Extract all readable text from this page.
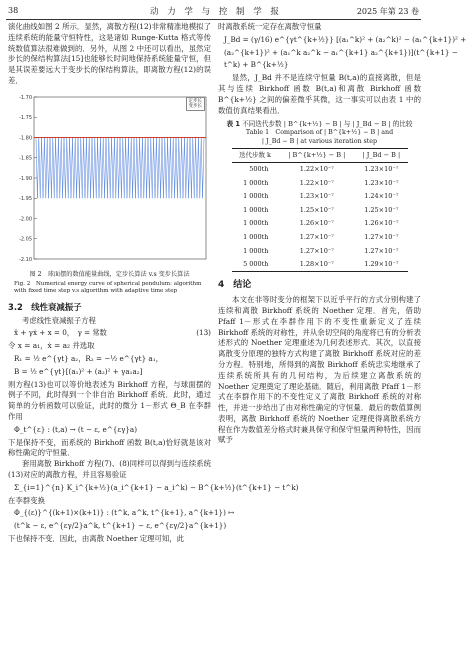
38	动 力 学 与 控 制 学 报	2025 年第 23 卷

演化曲线如图 2 所示．显然，离散方程(12)非常精准地模拟了连续系统的能量守恒特性，这是诸如 Runge-Kutta 格式等传统数值算法很难做到的．另外，从图 2 中还可以看出，虽然定步长的保结构算法[15]也能够长时间地保持系统能量守恒，但是其误差要远大于变步长的保结构算法，即离散方程(12)的误差．

-1.70
-1.75
-1.80
-1.85
-1.90
-1.95
-2.00
-2.05
-2.10
定步长
变步长

图 2　球面摆的数值能量曲线，定步长算法 v.s 变步长算法

Fig. 2　Numerical energy curve of spherical pendulum: algorithm with fixed time step v.s algorithm with adaptive time step

3.2　线性衰减振子

考虑线性衰减振子方程

ẍ + γẋ + x = 0，　γ = 常数	(13)

令 x = a₁，ẋ = a₂ 并选取

R₁ = ½ e^{γt} a₂，R₂ = −½ e^{γt} a₁，
B = ½ e^{γt}[(a₁)² + (a₂)² + γa₁a₂]

则方程(13)也可以等价地表述为 Birkhoff 方程，与球面摆的例子不同，此时得到一个非自治 Birkhoff 系统．此时，通过简单的分析函数可以验证，此时的微分 1－形式 Θ_B 在李群作用

Φ_t^{ε} : (t,a) → (t − ε, e^{εγ}a)

下是保持不变，而系统的 Birkhoff 函数 B(t,a)恰好就是该对称性确定的守恒量．

套用离散 Birkhoff 方程(7)、(8)同样可以得到与连续系统(13)对应的离散方程，并且容易验证

Σ_{i=1}^{n} K_i^{k+½}(a_i^{k+1} − a_i^k) − B^{k+½}(t^{k+1} − t^k)

在李群变换

Φ_{(ε)}^{(k+1)×(k+1)} : (t^k, a^k, t^{k+1}, a^{k+1}) ↦
(t^k − ε, e^{εγ/2}a^k, t^{k+1} − ε, e^{εγ/2}a^{k+1})

下也保持不变．因此，由离散 Noether 定理可知，此

时离散系统一定存在离散守恒量

J_Bd = (γ/16) e^{γt^{k+½}} [(a₁^k)² + (a₂^k)² − (a₁^{k+1})² +
(a₂^{k+1})² + (a₁^k a₂^k − a₁^{k+1} a₂^{k+1})](t^{k+1} −
t^k) + B^{k+½}

显然，J_Bd 并不是连续守恒量 B(t,a)的直接离散，但是其与连续 Birkhoff 函数 B(t,a)和离散 Birkhoff 函数 B^{k+½} 之间的偏差微乎其微，这一事实可以由表 1 中的数值仿真结果看出．

表 1 不同迭代步数 | B^{k+½} − B | 与 | J_Bd − B | 的比较
Table 1　Comparison of | B^{k+½} − B | and
| J_Bd − B | at various iteration step
迭代步数 k	| B^{k+½} − B |	| J_Bd − B |
500th	1.22×10⁻⁷	1.23×10⁻⁷
1 000th	1.22×10⁻⁷	1.23×10⁻⁷
1 000th	1.23×10⁻⁷	1.24×10⁻⁷
1 000th	1.25×10⁻⁷	1.25×10⁻⁷
1 000th	1.26×10⁻⁷	1.26×10⁻⁷
1 000th	1.27×10⁻⁷	1.27×10⁻⁷
1 000th	1.27×10⁻⁷	1.27×10⁻⁷
5 000th	1.28×10⁻⁷	1.29×10⁻⁷
4　结论

本文在非等时变分的框架下以近乎平行的方式分别构建了连续和离散 Birkhoff 系统的 Noether 定理．首先，借助 Pfaff 1－形式在李群作用下的不变性重新定义了连续 Birkhoff 系统的对称性，并从余切空间的角度将已有的分析表述形式的 Noether 定理重述为几何表述形式．其次，以直接离散变分原理的独特方式构建了离散 Birkhoff 系统对应的差分方程．特别地，所得到的离散 Birkhoff 系统忠实地继承了连续系统所具有的几何结构，为后续建立离散系统的 Noether 定理奠定了理论基础．随后，利用离散 Pfaff 1－形式在李群作用下的不变性定义了离散 Birkhoff 系统的对称性，并进一步给出了由对称性确定的守恒量．最后的数值算例表明，离散 Birkhoff 系统的 Noether 定理使得离散系统方程在作为数值差分格式时兼具保守和保守恒量两种特性，因而赋予
